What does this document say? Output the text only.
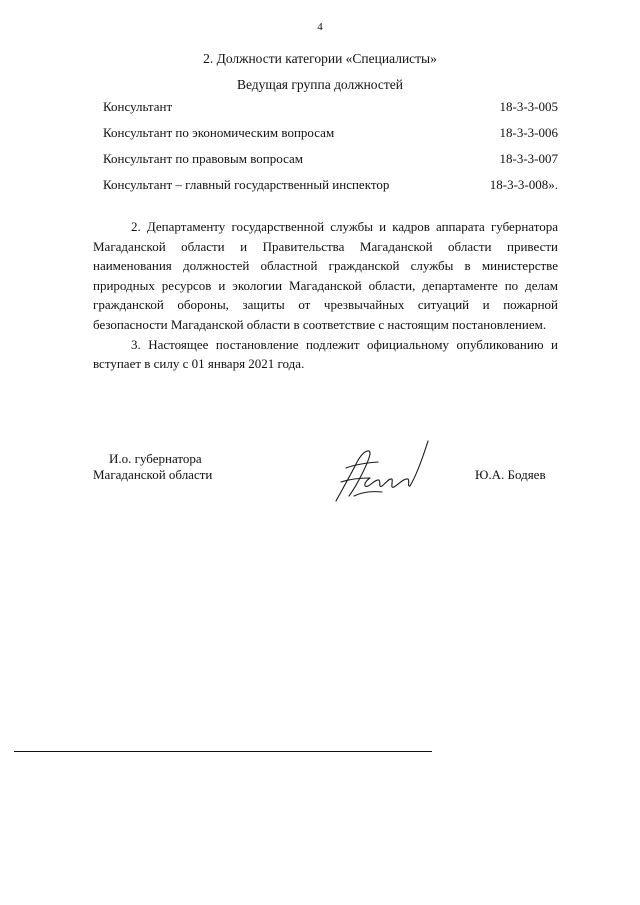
4
2. Должности категории «Специалисты»
Ведущая группа должностей
Консультант	18-3-3-005
Консультант по экономическим вопросам	18-3-3-006
Консультант по правовым вопросам	18-3-3-007
Консультант – главный государственный инспектор	18-3-3-008».

2. Департаменту государственной службы и кадров аппарата губернатора Магаданской области и Правительства Магаданской области привести наименования должностей областной гражданской службы в министерстве природных ресурсов и экологии Магаданской области, департаменте по делам гражданской обороны, защиты от чрезвычайных ситуаций и пожарной безопасности Магаданской области в соответствие с настоящим постановлением.

3. Настоящее постановление подлежит официальному опубликованию и вступает в силу с 01 января 2021 года.

И.о. губернатора
Магаданской области	Ю.А. Бодяев
